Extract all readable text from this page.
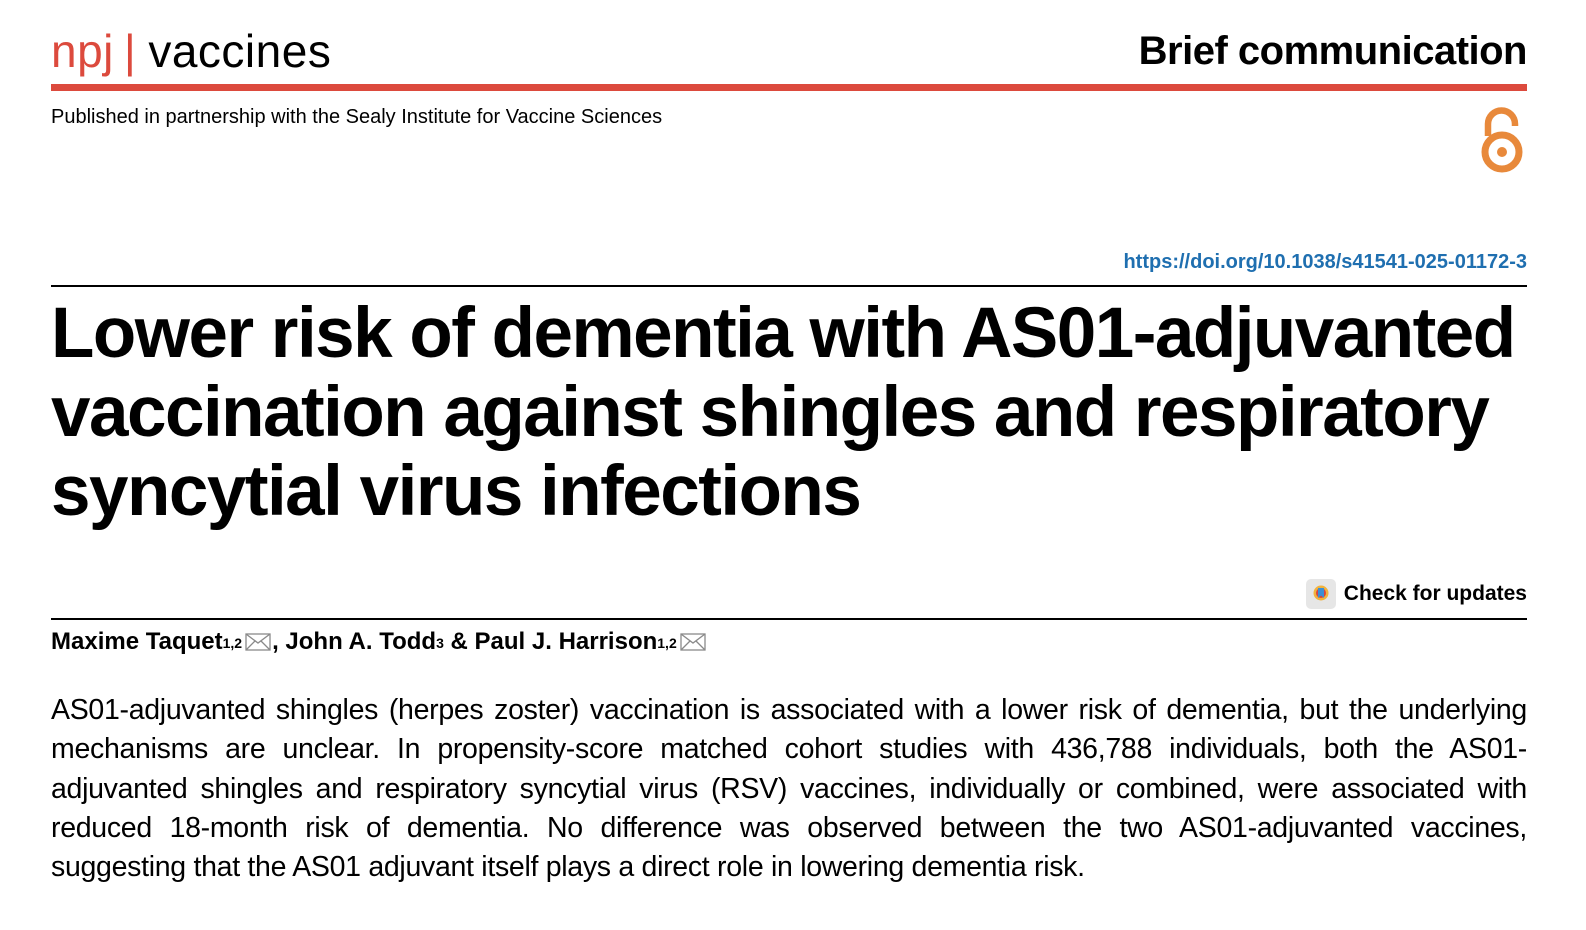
npj | vaccines	Brief communication
Published in partnership with the Sealy Institute for Vaccine Sciences
https://doi.org/10.1038/s41541-025-01172-3
Lower risk of dementia with AS01-adjuvanted vaccination against shingles and respiratory syncytial virus infections
Check for updates
Maxime Taquet$^{1,2}$ , John A. Todd$^3$ & Paul J. Harrison$^{1,2}$

AS01-adjuvanted shingles (herpes zoster) vaccination is associated with a lower risk of dementia, but the underlying mechanisms are unclear. In propensity-score matched cohort studies with 436,788 individuals, both the AS01-adjuvanted shingles and respiratory syncytial virus (RSV) vaccines, individually or combined, were associated with reduced 18-month risk of dementia. No difference was observed between the two AS01-adjuvanted vaccines, suggesting that the AS01 adjuvant itself plays a direct role in lowering dementia risk.
